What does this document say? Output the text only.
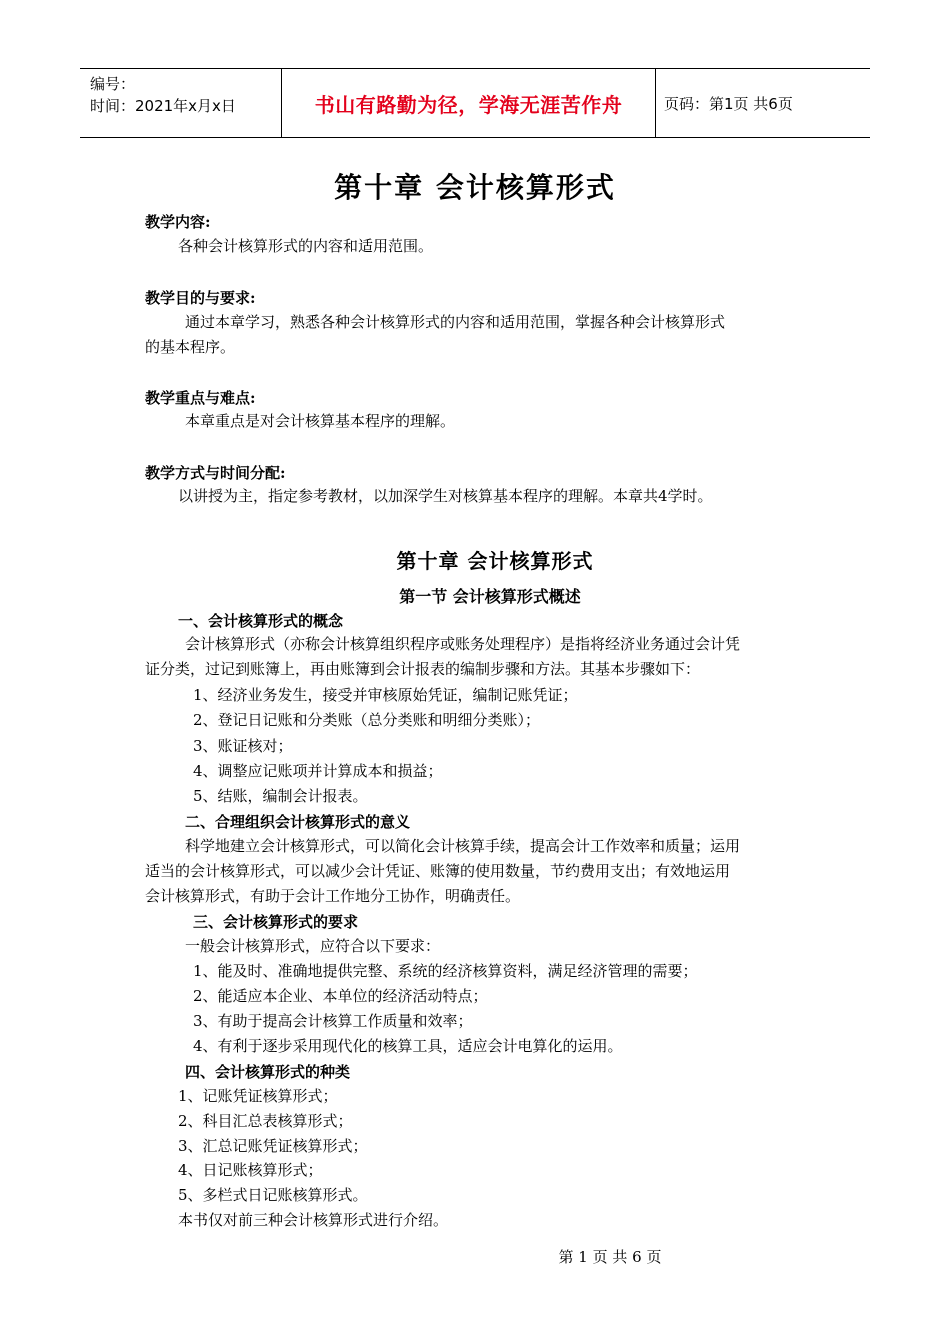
编号：
时间：2021年x月x日	书山有路勤为径，学海无涯苦作舟	页码：第1页 共6页
第十章 会计核算形式
教学内容:
各种会计核算形式的内容和适用范围。
教学目的与要求:
通过本章学习，熟悉各种会计核算形式的内容和适用范围，掌握各种会计核算形式
的基本程序。
教学重点与难点:
本章重点是对会计核算基本程序的理解。
教学方式与时间分配:
以讲授为主，指定参考教材，以加深学生对核算基本程序的理解。本章共4学时。
第十章 会计核算形式
第一节 会计核算形式概述
一、会计核算形式的概念
会计核算形式（亦称会计核算组织程序或账务处理程序）是指将经济业务通过会计凭
证分类，过记到账簿上，再由账簿到会计报表的编制步骤和方法。其基本步骤如下：
1、经济业务发生，接受并审核原始凭证，编制记账凭证；
2、登记日记账和分类账（总分类账和明细分类账）；
3、账证核对；
4、调整应记账项并计算成本和损益；
5、结账，编制会计报表。
二、合理组织会计核算形式的意义
科学地建立会计核算形式，可以简化会计核算手续，提高会计工作效率和质量；运用
适当的会计核算形式，可以减少会计凭证、账簿的使用数量，节约费用支出；有效地运用
会计核算形式，有助于会计工作地分工协作，明确责任。
三、会计核算形式的要求
一般会计核算形式，应符合以下要求：
1、能及时、准确地提供完整、系统的经济核算资料，满足经济管理的需要；
2、能适应本企业、本单位的经济活动特点；
3、有助于提高会计核算工作质量和效率；
4、有利于逐步采用现代化的核算工具，适应会计电算化的运用。
四、会计核算形式的种类
1、记账凭证核算形式；
2、科目汇总表核算形式；
3、汇总记账凭证核算形式；
4、日记账核算形式；
5、多栏式日记账核算形式。
本书仅对前三种会计核算形式进行介绍。
第 1 页 共 6 页
